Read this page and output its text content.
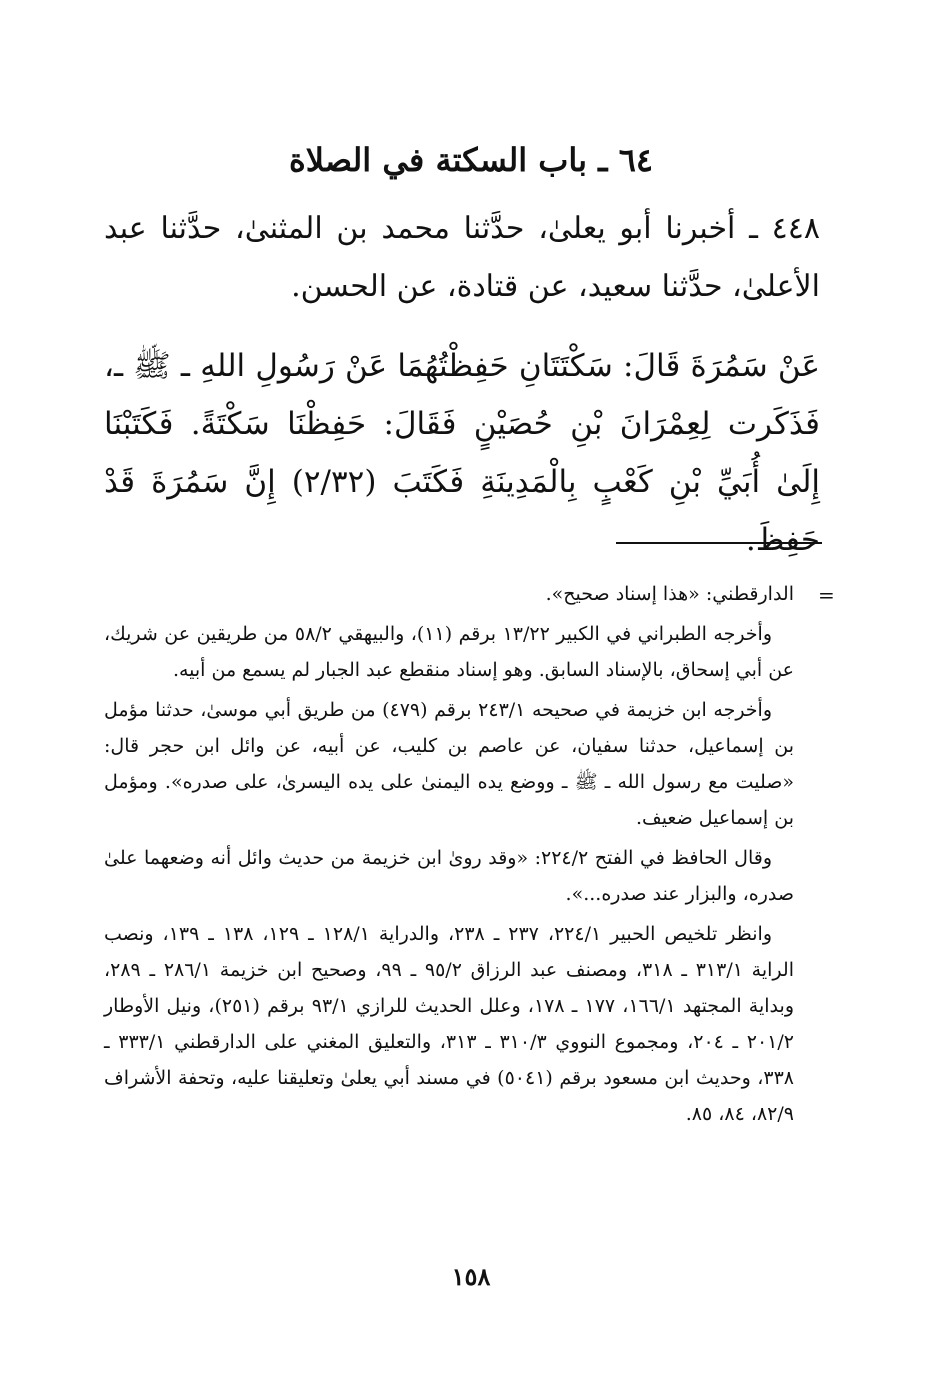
٦٤ ـ باب السكتة في الصلاة

٤٤٨ ـ أخبرنا أبو يعلىٰ، حدَّثنا محمد بن المثنىٰ، حدَّثنا عبد الأعلىٰ، حدَّثنا سعيد، عن قتادة، عن الحسن.

عَنْ سَمُرَةَ قَالَ: سَكْتَتَانِ حَفِظْتُهُمَا عَنْ رَسُولِ اللهِ ـ ﷺ ـ، فَذَكَرت لِعِمْرَانَ بْنِ حُصَيْنٍ فَقَالَ: حَفِظْنَا سَكْتَةً. فَكَتَبْنَا إِلَىٰ أُبَيِّ بْنِ كَعْبٍ بِالْمَدِينَةِ فَكَتَبَ (٢/٣٢) إِنَّ سَمُرَةَ قَدْ حَفِظَ.

=

الدارقطني: «هذا إسناد صحيح».

وأخرجه الطبراني في الكبير ١٣/٢٢ برقم (١١)، والبيهقي ٥٨/٢ من طريقين عن شريك، عن أبي إسحاق، بالإسناد السابق. وهو إسناد منقطع عبد الجبار لم يسمع من أبيه.

وأخرجه ابن خزيمة في صحيحه ٢٤٣/١ برقم (٤٧٩) من طريق أبي موسىٰ، حدثنا مؤمل بن إسماعيل، حدثنا سفيان، عن عاصم بن كليب، عن أبيه، عن وائل ابن حجر قال: «صليت مع رسول الله ـ ﷺ ـ ووضع يده اليمنىٰ على يده اليسرىٰ، على صدره». ومؤمل بن إسماعيل ضعيف.

وقال الحافظ في الفتح ٢٢٤/٢: «وقد روىٰ ابن خزيمة من حديث وائل أنه وضعهما علىٰ صدره، والبزار عند صدره...».

وانظر تلخيص الحبير ٢٢٤/١، ٢٣٧ ـ ٢٣٨، والدراية ١٢٨/١ ـ ١٢٩، ١٣٨ ـ ١٣٩، ونصب الراية ٣١٣/١ ـ ٣١٨، ومصنف عبد الرزاق ٩٥/٢ ـ ٩٩، وصحيح ابن خزيمة ٢٨٦/١ ـ ٢٨٩، وبداية المجتهد ١٦٦/١، ١٧٧ ـ ١٧٨، وعلل الحديث للرازي ٩٣/١ برقم (٢٥١)، ونيل الأوطار ٢٠١/٢ ـ ٢٠٤، ومجموع النووي ٣١٠/٣ ـ ٣١٣، والتعليق المغني على الدارقطني ٣٣٣/١ ـ ٣٣٨، وحديث ابن مسعود برقم (٥٠٤١) في مسند أبي يعلىٰ وتعليقنا عليه، وتحفة الأشراف ٨٢/٩، ٨٤، ٨٥.

١٥٨
